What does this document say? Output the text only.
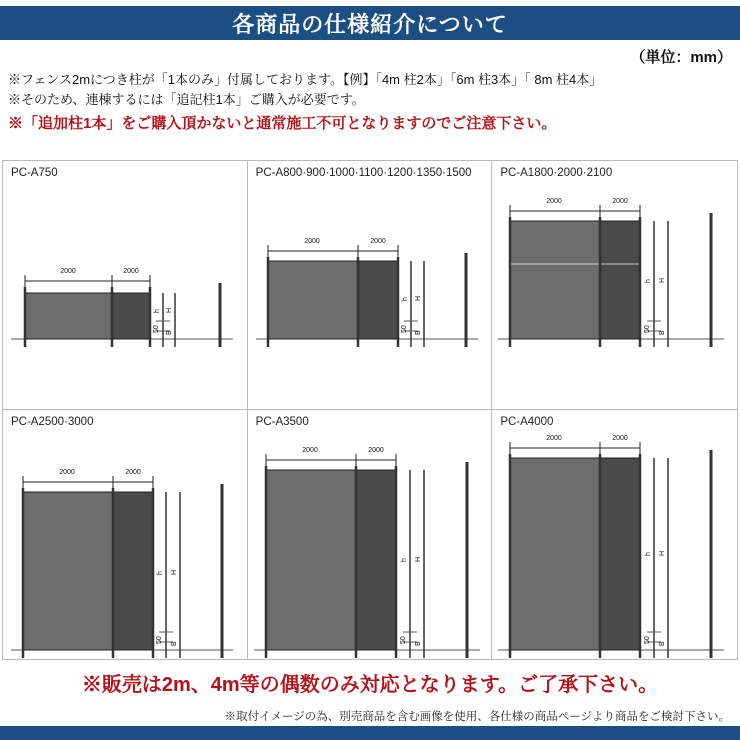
各商品の仕様紹介について
（単位：mm）
※フェンス2mにつき柱が「1本のみ」付属しております。【例】「4m 柱2本」「6m 柱3本」「 8m 柱4本」
※そのため、連棟するには「追記柱1本」ご購入が必要です。
※「追加柱1本」をご購入頂かないと通常施工不可となりますのでご注意下さい。
PC-A750
2000	2000
h H
50 B
PC-A800·900·1000·1100·1200·1350·1500
2000	2000
h H
50 B
PC-A1800·2000·2100
2000	2000
h H
50 B
PC-A2500·3000
2000	2000
h H
50 B
PC-A3500
2000	2000
h H
50 B
PC-A4000
2000	2000
h H
50 B
※販売は2m、4m等の偶数のみ対応となります。ご了承下さい。
※取付イメージの為、別売商品を含む画像を使用、各仕様の商品ページより商品をご検討下さい。
